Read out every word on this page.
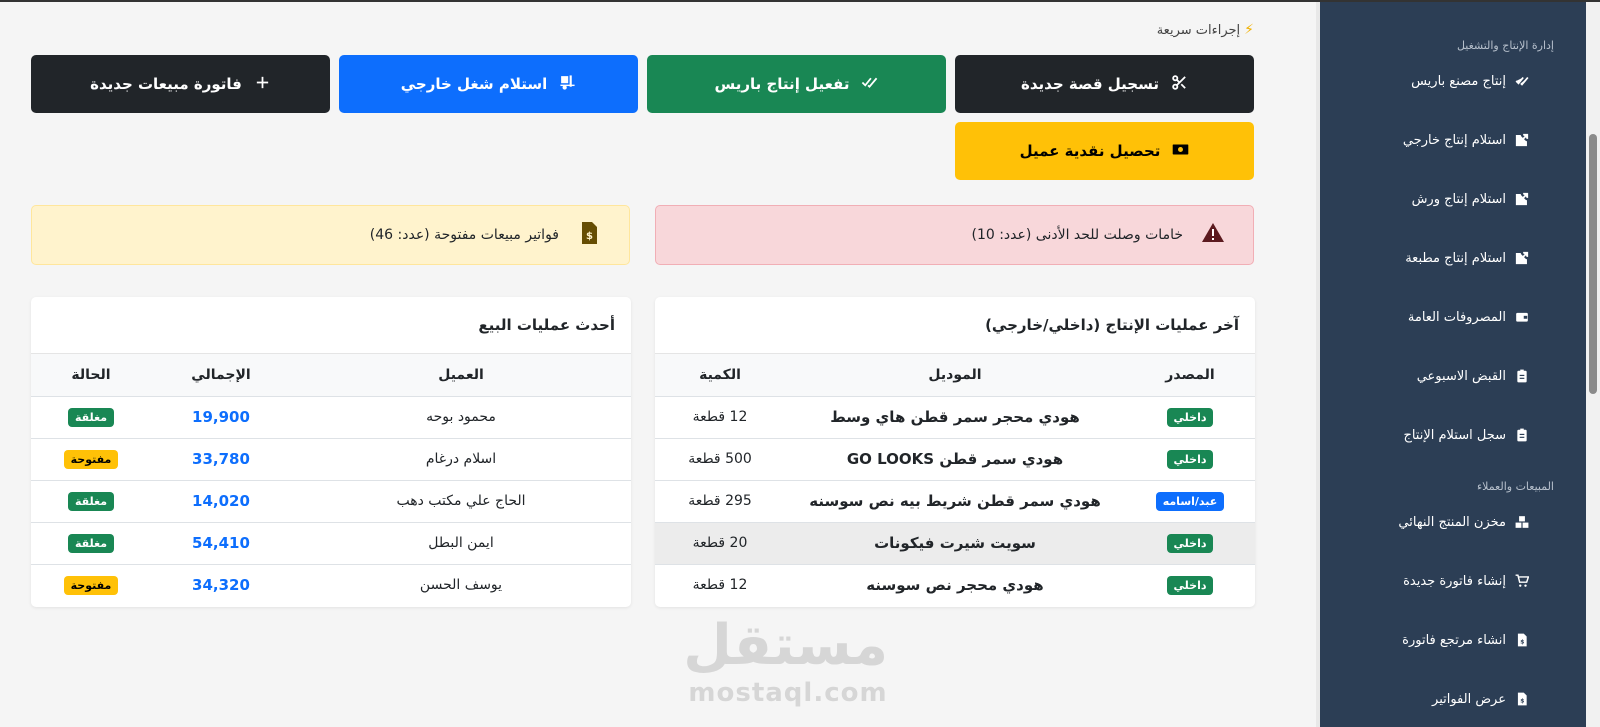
⚡
إجراءات سريعة
تسجيل قصة جديدة
تفعيل إنتاج باريس
استلام شغل خارجي
فاتورة مبيعات جديدة
تحصيل نقدية عميل
خامات وصلت للحد الأدنى (عدد: 10)
$
فواتير مبيعات مفتوحة (عدد: 46)
آخر عمليات الإنتاج (داخلي/خارجي)
المصدر	الموديل	الكمية
داخلي	هودي محجر سمر قطن هاي وسط	12 قطعة
داخلي	هودي سمر قطن GO LOOKS	500 قطعة
عبد/اسامه	هودي سمر قطن شريط بيه نص سوسنه	295 قطعة
داخلي	سويت شيرت فيكونات	20 قطعة
داخلي	هودي محجر نص سوسنه	12 قطعة
أحدث عمليات البيع
العميل	الإجمالي	الحالة
محمود بوحه	19,900	مغلقة
اسلام درغام	33,780	مفتوحة
الحاج علي مكتب دهب	14,020	مغلقة
ايمن البطل	54,410	مغلقة
يوسف الحسن	34,320	مفتوحة
مستقل
mostaql.com
إدارة الإنتاج والتشغيل
إنتاج مصنع باريس
استلام إنتاج خارجي
استلام إنتاج ورش
استلام إنتاج مطبعة
المصروفات العامة
القبض الاسبوعي
سجل استلام الإنتاج
المبيعات والعملاء
مخزن المنتج النهائي
إنشاء فاتورة جديدة
$
انشاء مرتجع فاتورة
$
عرض الفواتير
